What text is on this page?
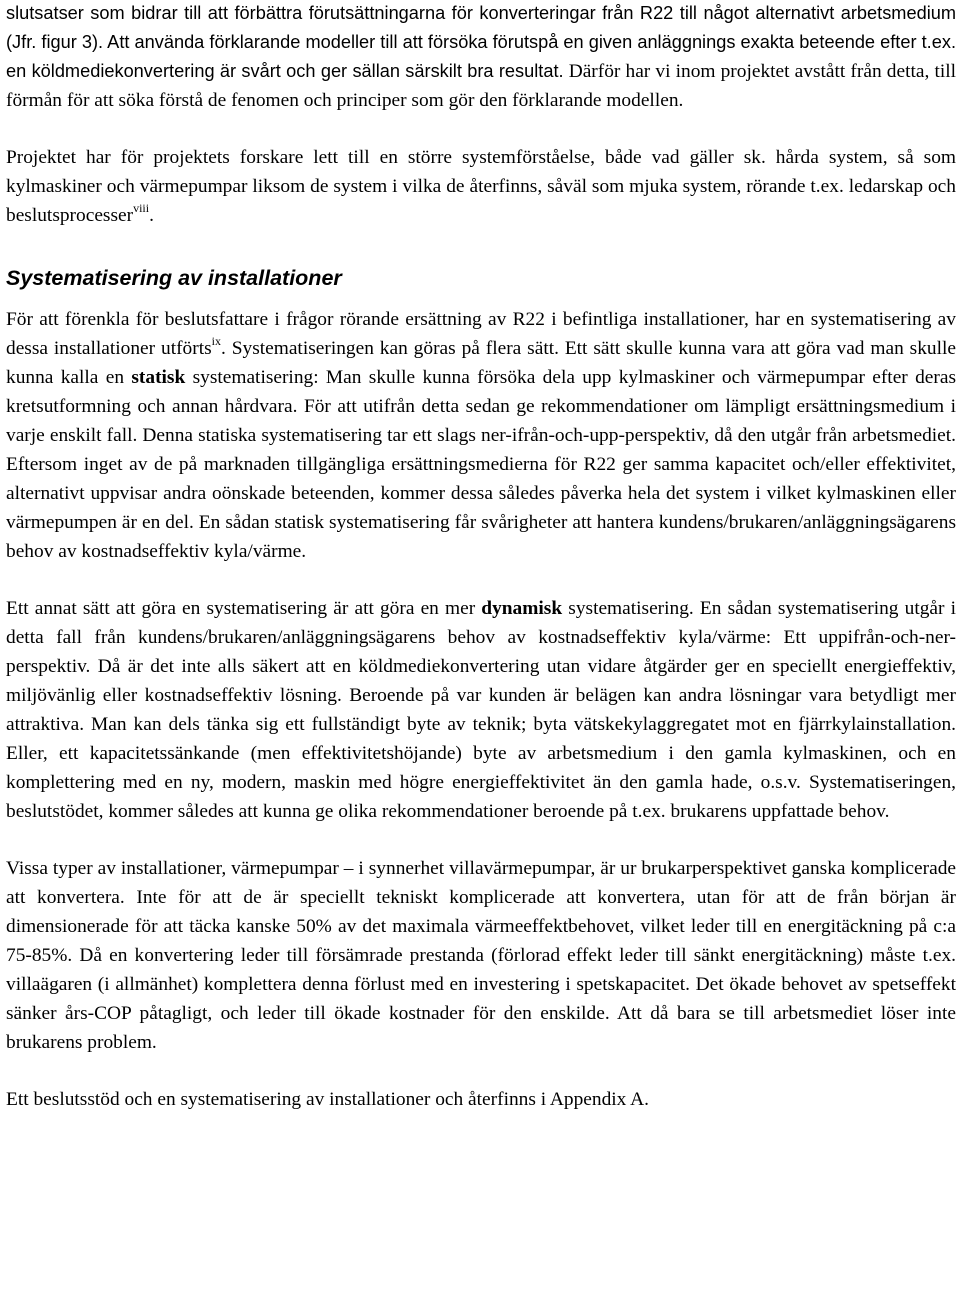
slutsatser som bidrar till att förbättra förutsättningarna för konverteringar från R22 till något alternativt arbetsmedium (Jfr. figur 3). Att använda förklarande modeller till att försöka förutspå en given anläggnings exakta beteende efter t.ex. en köldmediekonvertering är svårt och ger sällan särskilt bra resultat. Därför har vi inom projektet avstått från detta, till förmån för att söka förstå de fenomen och principer som gör den förklarande modellen.

Projektet har för projektets forskare lett till en större systemförståelse, både vad gäller sk. hårda system, så som kylmaskiner och värmepumpar liksom de system i vilka de återfinns, såväl som mjuka system, rörande t.ex. ledarskap och beslutsprocesser$^{viii}$.

Systematisering av installationer

För att förenkla för beslutsfattare i frågor rörande ersättning av R22 i befintliga installationer, har en systematisering av dessa installationer utförts$^{ix}$. Systematiseringen kan göras på flera sätt. Ett sätt skulle kunna vara att göra vad man skulle kunna kalla en statisk systematisering: Man skulle kunna försöka dela upp kylmaskiner och värmepumpar efter deras kretsutformning och annan hårdvara. För att utifrån detta sedan ge rekommendationer om lämpligt ersättningsmedium i varje enskilt fall. Denna statiska systematisering tar ett slags ner-ifrån-och-upp-perspektiv, då den utgår från arbetsmediet. Eftersom inget av de på marknaden tillgängliga ersättningsmedierna för R22 ger samma kapacitet och/eller effektivitet, alternativt uppvisar andra oönskade beteenden, kommer dessa således påverka hela det system i vilket kylmaskinen eller värmepumpen är en del. En sådan statisk systematisering får svårigheter att hantera kundens/brukaren/anläggningsägarens behov av kostnadseffektiv kyla/värme.

Ett annat sätt att göra en systematisering är att göra en mer dynamisk systematisering. En sådan systematisering utgår i detta fall från kundens/brukaren/anläggningsägarens behov av kostnadseffektiv kyla/värme: Ett uppifrån-och-ner-perspektiv. Då är det inte alls säkert att en köldmediekonvertering utan vidare åtgärder ger en speciellt energieffektiv, miljövänlig eller kostnadseffektiv lösning. Beroende på var kunden är belägen kan andra lösningar vara betydligt mer attraktiva. Man kan dels tänka sig ett fullständigt byte av teknik; byta vätskekylaggregatet mot en fjärrkylainstallation. Eller, ett kapacitetssänkande (men effektivitetshöjande) byte av arbetsmedium i den gamla kylmaskinen, och en komplettering med en ny, modern, maskin med högre energieffektivitet än den gamla hade, o.s.v. Systematiseringen, beslutstödet, kommer således att kunna ge olika rekommendationer beroende på t.ex. brukarens uppfattade behov.

Vissa typer av installationer, värmepumpar – i synnerhet villavärmepumpar, är ur brukarperspektivet ganska komplicerade att konvertera. Inte för att de är speciellt tekniskt komplicerade att konvertera, utan för att de från början är dimensionerade för att täcka kanske 50% av det maximala värmeeffektbehovet, vilket leder till en energitäckning på c:a 75-85%. Då en konvertering leder till försämrade prestanda (förlorad effekt leder till sänkt energitäckning) måste t.ex. villaägaren (i allmänhet) komplettera denna förlust med en investering i spetskapacitet. Det ökade behovet av spetseffekt sänker års-COP påtagligt, och leder till ökade kostnader för den enskilde. Att då bara se till arbetsmediet löser inte brukarens problem.

Ett beslutsstöd och en systematisering av installationer och återfinns i Appendix A.
